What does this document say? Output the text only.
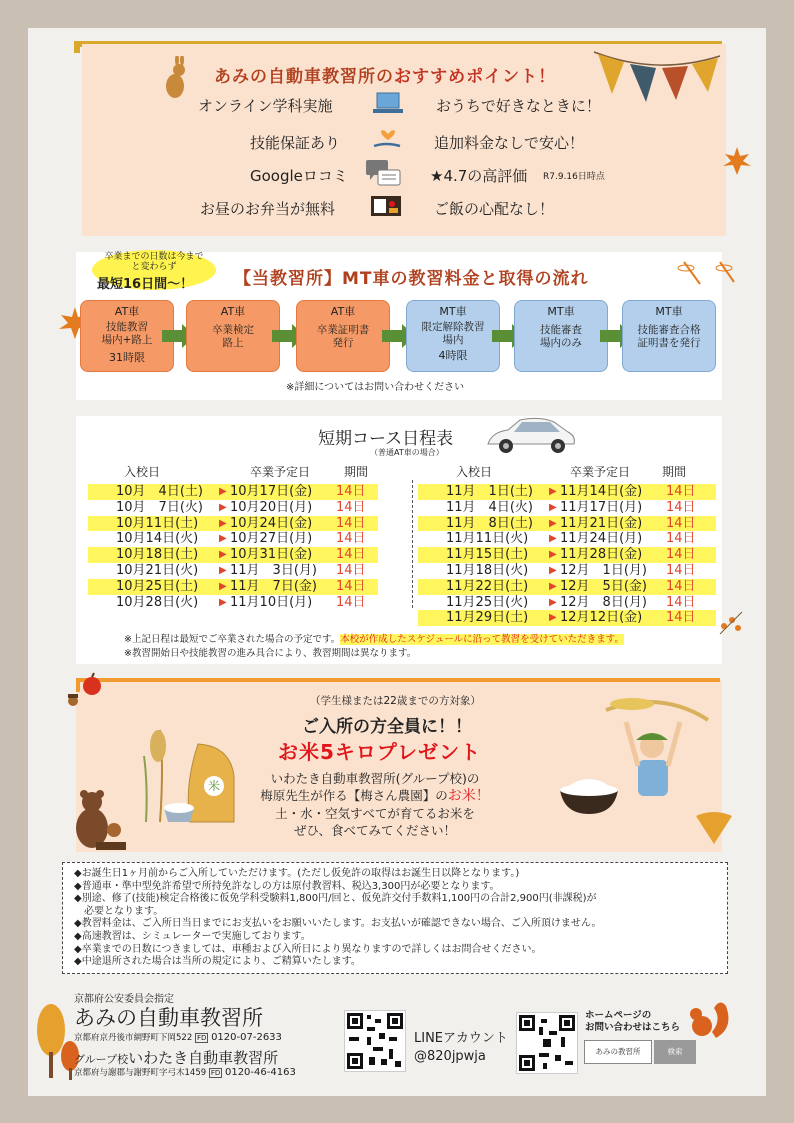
あみの自動車教習所のおすすめポイント！
オンライン学科実施	おうちで好きなときに！
技能保証あり	追加料金なしで安心！
Googleロコミ	★4.7の高評価 R7.9.16日時点
お昼のお弁当が無料	ご飯の心配なし！
卒業までの日数は今までと変わらず
最短16日間～！ 【当教習所】MT車の教習料金と取得の流れ
AT車
技能教習
場内+路上
31時限
AT車
卒業検定
路上
AT車
卒業証明書
発行
MT車
限定解除教習
場内
4時限
MT車
技能審査
場内のみ
MT車
技能審査合格
証明書を発行
※詳細についてはお問い合わせください
短期コース日程表
（普通AT車の場合）
入校日	卒業予定日	期間	入校日	卒業予定日	期間
10月　4日(土) ▶ 10月17日(金) 14日
10月　7日(火) ▶ 10月20日(月) 14日
10月11日(土) ▶ 10月24日(金) 14日
10月14日(火) ▶ 10月27日(月) 14日
10月18日(土) ▶ 10月31日(金) 14日
10月21日(火) ▶ 11月　3日(月) 14日
10月25日(土) ▶ 11月　7日(金) 14日
10月28日(火) ▶ 11月10日(月) 14日
11月　1日(土) ▶ 11月14日(金) 14日
11月　4日(火) ▶ 11月17日(月) 14日
11月　8日(土) ▶ 11月21日(金) 14日
11月11日(火) ▶ 11月24日(月) 14日
11月15日(土) ▶ 11月28日(金) 14日
11月18日(火) ▶ 12月　1日(月) 14日
11月22日(土) ▶ 12月　5日(金) 14日
11月25日(火) ▶ 12月　8日(月) 14日
11月29日(土) ▶ 12月12日(金) 14日
※上記日程は最短でご卒業された場合の予定です。本校が作成したスケジュールに沿って教習を受けていただきます。
※教習開始日や技能教習の進み具合により、教習期間は異なります。
（学生様または22歳までの方対象）
ご入所の方全員に！！
お米5キロプレゼント
いわたき自動車教習所(グループ校)の
梅原先生が作る【梅さん農園】のお米！
土・水・空気すべてが育てるお米を
ぜひ、食べてみてください！
米
◆お誕生日1ヶ月前からご入所していただけます。(ただし仮免許の取得はお誕生日以降となります。)
◆普通車・準中型免許希望で所持免許なしの方は原付教習料、税込3,300円が必要となります。
◆別途、修了(技能)検定合格後に仮免学科受験料1,800円/回と、仮免許交付手数料1,100円の合計2,900円(非課税)が
　必要となります。
◆教習料金は、ご入所日当日までにお支払いをお願いいたします。お支払いが確認できない場合、ご入所頂けません。
◆高速教習は、シミュレーターで実施しております。
◆卒業までの日数につきましては、車種および入所日により異なりますので詳しくはお問合せください。
◆中途退所された場合は当所の規定により、ご精算いたします。
京都府公安委員会指定
あみの自動車教習所
京都府京丹後市網野町下岡522 FD 0120-07-2633
グループ校いわたき自動車教習所
京都府与謝郡与謝野町字弓木1459 FD 0120-46-4163
LINEアカウント
@820jpwja
ホームページの
お問い合わせはこちら
あみの教習所	検索
